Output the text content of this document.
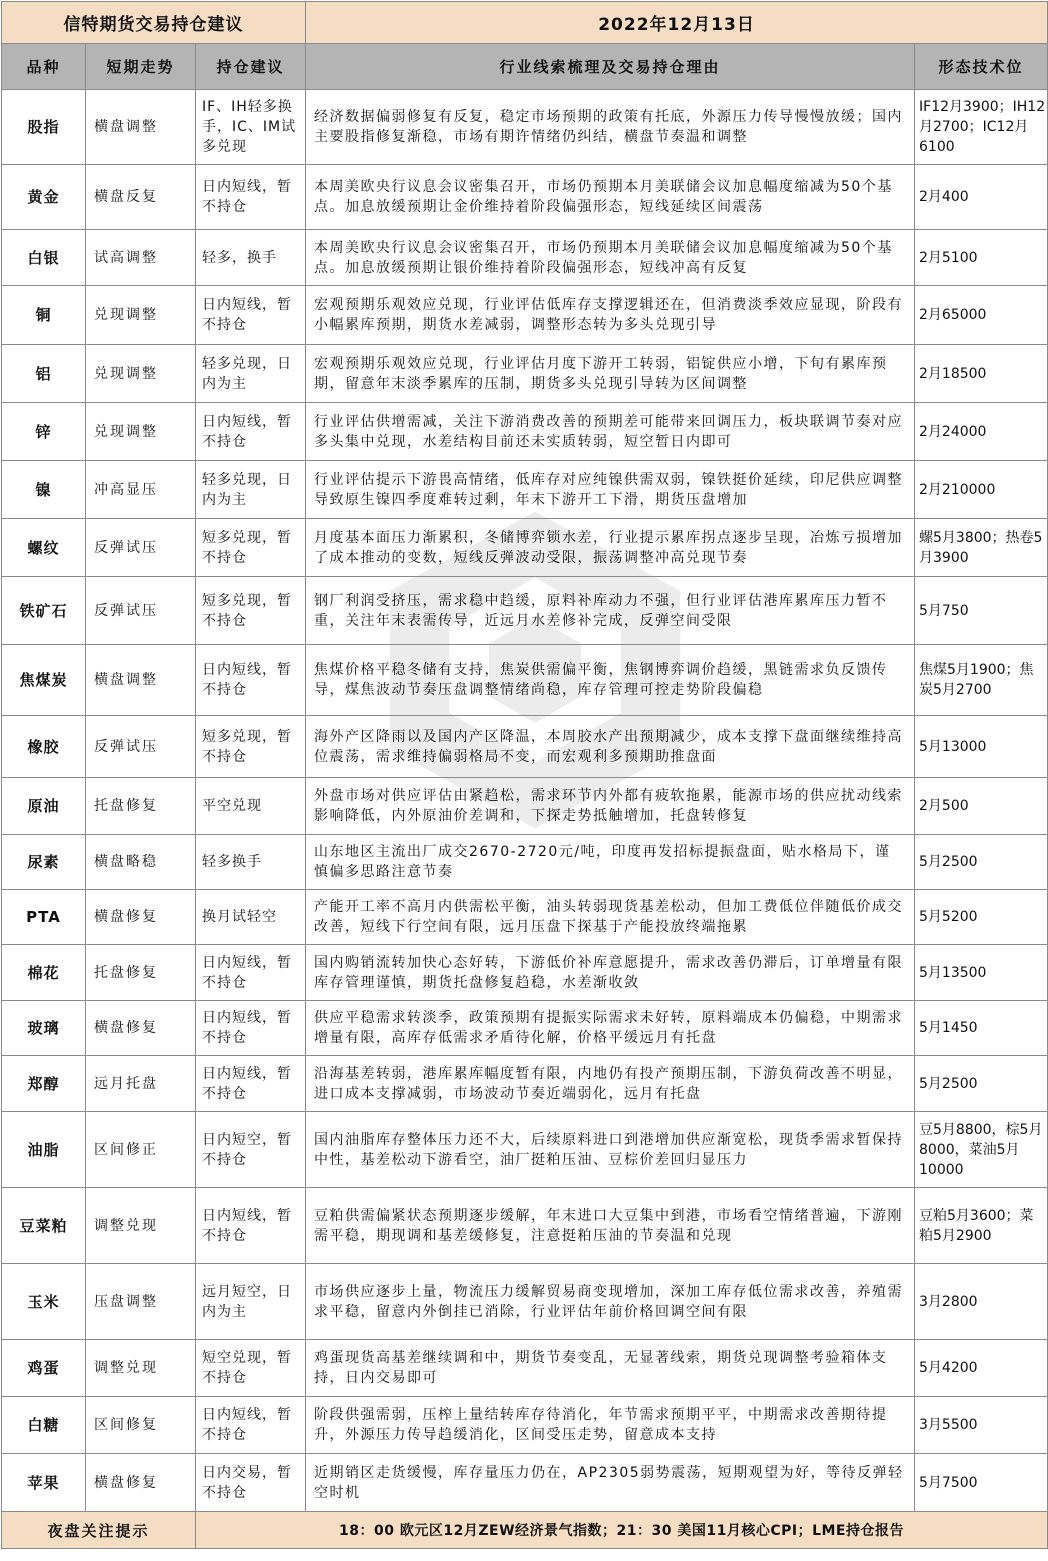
信特期货交易持仓建议			2022年12月13日	
品种	短期走势	持仓建议	行业线索梳理及交易持仓理由	形态技术位
股指	横盘调整	IF、IH轻多换手，IC、IM试多兑现	经济数据偏弱修复有反复，稳定市场预期的政策有托底，外源压力传导慢慢放缓；国内主要股指修复渐稳，市场有期许情绪仍纠结，横盘节奏温和调整	IF12月3900；IH12月2700；IC12月6100
黄金	横盘反复	日内短线，暂不持仓	本周美欧央行议息会议密集召开，市场仍预期本月美联储会议加息幅度缩减为50个基点。加息放缓预期让金价维持着阶段偏强形态，短线延续区间震荡	2月400
白银	试高调整	轻多，换手	本周美欧央行议息会议密集召开，市场仍预期本月美联储会议加息幅度缩减为50个基点。加息放缓预期让银价维持着阶段偏强形态，短线冲高有反复	2月5100
铜	兑现调整	日内短线，暂不持仓	宏观预期乐观效应兑现，行业评估低库存支撑逻辑还在，但消费淡季效应显现，阶段有小幅累库预期，期货水差减弱，调整形态转为多头兑现引导	2月65000
铝	兑现调整	轻多兑现，日内为主	宏观预期乐观效应兑现，行业评估月度下游开工转弱，铝锭供应小增，下旬有累库预期，留意年末淡季累库的压制，期货多头兑现引导转为区间调整	2月18500
锌	兑现调整	日内短线，暂不持仓	行业评估供增需减，关注下游消费改善的预期差可能带来回调压力，板块联调节奏对应多头集中兑现，水差结构目前还未实质转弱，短空暂日内即可	2月24000
镍	冲高显压	轻多兑现，日内为主	行业评估提示下游畏高情绪，低库存对应纯镍供需双弱，镍铁挺价延续，印尼供应调整导致原生镍四季度难转过剩，年末下游开工下滑，期货压盘增加	2月210000
螺纹	反弹试压	短多兑现，暂不持仓	月度基本面压力渐累积，冬储博弈锁水差，行业提示累库拐点逐步呈现，冶炼亏损增加了成本推动的变数，短线反弹波动受限，振荡调整冲高兑现节奏	螺5月3800；热卷5月3900
铁矿石	反弹试压	短多兑现，暂不持仓	钢厂利润受挤压，需求稳中趋缓，原料补库动力不强，但行业评估港库累库压力暂不重，关注年末表需传导，近远月水差修补完成，反弹空间受限	5月750
焦煤炭	横盘调整	日内短线，暂不持仓	焦煤价格平稳冬储有支持，焦炭供需偏平衡，焦钢博弈调价趋缓，黑链需求负反馈传导，煤焦波动节奏压盘调整情绪尚稳，库存管理可控走势阶段偏稳	焦煤5月1900；焦炭5月2700
橡胶	反弹试压	短多兑现，暂不持仓	海外产区降雨以及国内产区降温，本周胶水产出预期减少，成本支撑下盘面继续维持高位震荡，需求维持偏弱格局不变，而宏观利多预期助推盘面	5月13000
原油	托盘修复	平空兑现	外盘市场对供应评估由紧趋松，需求环节内外都有疲软拖累，能源市场的供应扰动线索影响降低，内外原油价差调和，下探走势抵触增加，托盘转修复	2月500
尿素	横盘略稳	轻多换手	山东地区主流出厂成交2670-2720元/吨，印度再发招标提振盘面，贴水格局下，谨慎偏多思路注意节奏	5月2500
PTA	横盘修复	换月试轻空	产能开工率不高月内供需松平衡，油头转弱现货基差松动，但加工费低位伴随低价成交改善，短线下行空间有限，远月压盘下探基于产能投放终端拖累	5月5200
棉花	托盘修复	日内短线，暂不持仓	国内购销流转加快心态好转，下游低价补库意愿提升，需求改善仍滞后，订单增量有限库存管理谨慎，期货托盘修复趋稳，水差渐收敛	5月13500
玻璃	横盘修复	日内短线，暂不持仓	供应平稳需求转淡季，政策预期有提振实际需求未好转，原料端成本仍偏稳，中期需求增量有限，高库存低需求矛盾待化解，价格平缓远月有托盘	5月1450
郑醇	远月托盘	日内短线，暂不持仓	沿海基差转弱，港库累库幅度暂有限，内地仍有投产预期压制，下游负荷改善不明显，进口成本支撑减弱，市场波动节奏近端弱化，远月有托盘	5月2500
油脂	区间修正	日内短空，暂不持仓	国内油脂库存整体压力还不大，后续原料进口到港增加供应渐宽松，现货季需求暂保持中性，基差松动下游看空，油厂挺粕压油、豆棕价差回归显压力	豆5月8800，棕5月8000，菜油5月10000
豆菜粕	调整兑现	日内短线，暂不持仓	豆粕供需偏紧状态预期逐步缓解，年末进口大豆集中到港，市场看空情绪普遍，下游刚需平稳，期现调和基差缓修复，注意挺粕压油的节奏温和兑现	豆粕5月3600；菜粕5月2900
玉米	压盘调整	远月短空，日内为主	市场供应逐步上量，物流压力缓解贸易商变现增加，深加工库存低位需求改善，养殖需求平稳，留意内外倒挂已消除，行业评估年前价格回调空间有限	3月2800
鸡蛋	调整兑现	短空兑现，暂不持仓	鸡蛋现货高基差继续调和中，期货节奏变乱，无显著线索，期货兑现调整考验箱体支持，日内交易即可	5月4200
白糖	区间修复	日内短线，暂不持仓	阶段供强需弱，压榨上量结转库存待消化，年节需求预期平平，中期需求改善期待提升，外源压力传导趋缓消化，区间受压走势，留意成本支持	3月5500
苹果	横盘修复	日内交易，暂不持仓	近期销区走货缓慢，库存量压力仍在，AP2305弱势震荡，短期观望为好，等待反弹轻空时机	5月7500
夜盘关注提示		18：00 欧元区12月ZEW经济景气指数；21：30 美国11月核心CPI；LME持仓报告		
